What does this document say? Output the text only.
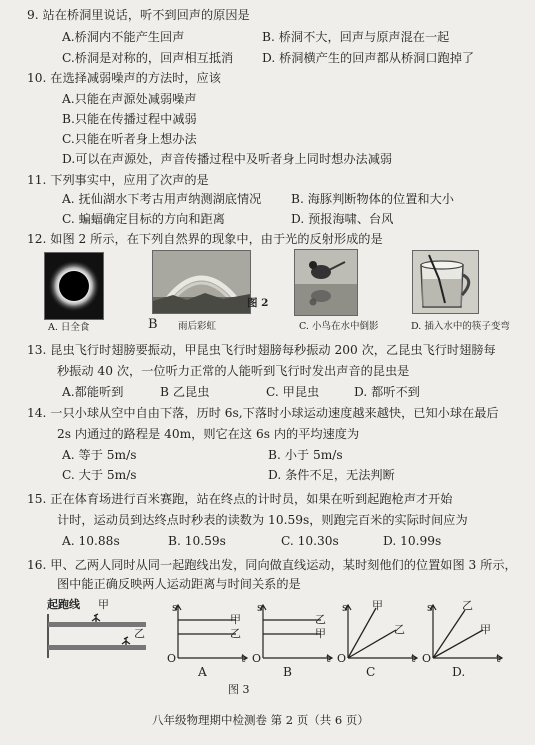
9. 站在桥洞里说话，听不到回声的原因是
A.桥洞内不能产生回声	B. 桥洞不大，回声与原声混在一起
C.桥洞是对称的，回声相互抵消 D. 桥洞横产生的回声都从桥洞口跑掉了
10. 在选择减弱噪声的方法时，应该
A.只能在声源处减弱噪声
B.只能在传播过程中减弱
C.只能在听者身上想办法
D.可以在声源处，声音传播过程中及听者身上同时想办法减弱
11. 下列事实中，应用了次声的是
A. 抚仙湖水下考古用声纳测湖底情况 B. 海豚判断物体的位置和大小
C. 蝙蝠确定目标的方向和距离	D. 预报海啸、台风
12. 如图 2 所示，在下列自然界的现象中，由于光的反射形成的是
A. 日全食	B 雨后彩虹
图 2
C. 小鸟在水中倒影	D. 插入水中的筷子变弯
13. 昆虫飞行时翅膀要振动，甲昆虫飞行时翅膀每秒振动 200 次，乙昆虫飞行时翅膀每
秒振动 40 次，一位听力正常的人能听到飞行时发出声音的昆虫是
A.都能听到	B 乙昆虫	C. 甲昆虫	D. 都听不到
14. 一只小球从空中自由下落，历时 6s,下落时小球运动速度越来越快，已知小球在最后
2s 内通过的路程是 40m，则它在这 6s 内的平均速度为
A. 等于 5m/s	B. 小于 5m/s
C. 大于 5m/s	D. 条件不足，无法判断
15. 正在体育场进行百米赛跑，站在终点的计时员，如果在听到起跑枪声才开始
计时，运动员到达终点时秒表的读数为 10.59s，则跑完百米的实际时间应为
A. 10.88s	B. 10.59s	C. 10.30s	D. 10.99s
16. 甲、乙两人同时从同一起跑线出发，同向做直线运动，某时刻他们的位置如图 3 所示，
图中能正确反映两人运动距离与时间关系的是
起跑线 甲
乙
s
甲
乙
O	t
A
s
乙
甲
O	t
B
s 甲
乙
O	t
C
s	乙
甲
O	t
D.
图 3
八年级物理期中检测卷 第 2 页（共 6 页）
